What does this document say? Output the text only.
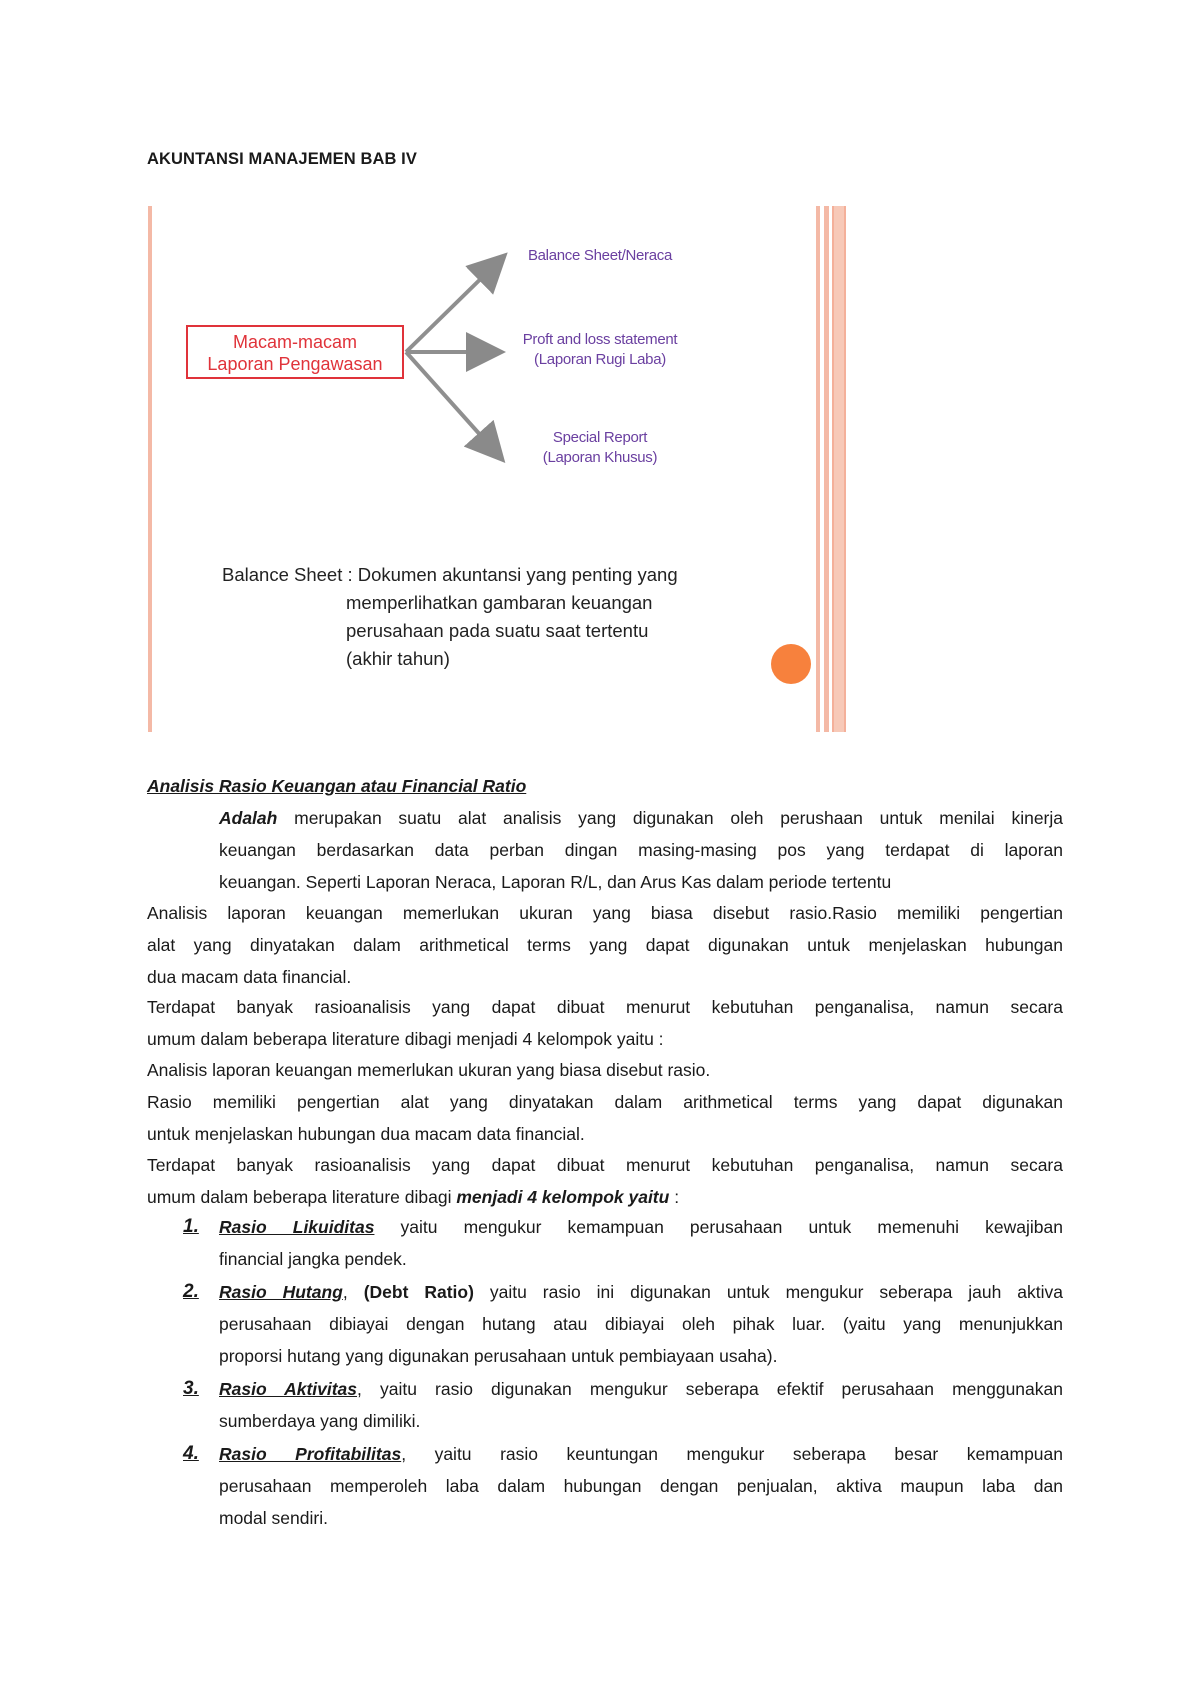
AKUNTANSI MANAJEMEN BAB IV
Macam-macam
Laporan Pengawasan
Balance Sheet/Neraca
Proft and loss statement
(Laporan Rugi Laba)
Special Report
(Laporan Khusus)
Balance Sheet : Dokumen akuntansi yang penting yang
memperlihatkan gambaran keuangan
perusahaan pada suatu saat tertentu
(akhir tahun)
Analisis Rasio Keuangan atau Financial Ratio
Adalah merupakan suatu alat analisis yang digunakan oleh perushaan untuk menilai kinerja
keuangan berdasarkan data perban dingan masing-masing pos yang terdapat di laporan
keuangan. Seperti Laporan Neraca, Laporan R/L, dan Arus Kas dalam periode tertentu
Analisis laporan keuangan memerlukan ukuran yang biasa disebut rasio.Rasio memiliki pengertian
alat yang dinyatakan dalam arithmetical terms yang dapat digunakan untuk menjelaskan hubungan
dua macam data financial.
Terdapat banyak rasioanalisis yang dapat dibuat menurut kebutuhan penganalisa, namun secara
umum dalam beberapa literature dibagi menjadi 4 kelompok yaitu :
Analisis laporan keuangan memerlukan ukuran yang biasa disebut rasio.
Rasio memiliki pengertian alat yang dinyatakan dalam arithmetical terms yang dapat digunakan
untuk menjelaskan hubungan dua macam data financial.
Terdapat banyak rasioanalisis yang dapat dibuat menurut kebutuhan penganalisa, namun secara
umum dalam beberapa literature dibagi menjadi 4 kelompok yaitu :
1. Rasio Likuiditas yaitu mengukur kemampuan perusahaan untuk memenuhi kewajiban
financial jangka pendek.
2. Rasio Hutang, (Debt Ratio) yaitu rasio ini digunakan untuk mengukur seberapa jauh aktiva
perusahaan dibiayai dengan hutang atau dibiayai oleh pihak luar. (yaitu yang menunjukkan
proporsi hutang yang digunakan perusahaan untuk pembiayaan usaha).
3. Rasio Aktivitas, yaitu rasio digunakan mengukur seberapa efektif perusahaan menggunakan
sumberdaya yang dimiliki.
4. Rasio Profitabilitas, yaitu rasio keuntungan mengukur seberapa besar kemampuan
perusahaan memperoleh laba dalam hubungan dengan penjualan, aktiva maupun laba dan
modal sendiri.
